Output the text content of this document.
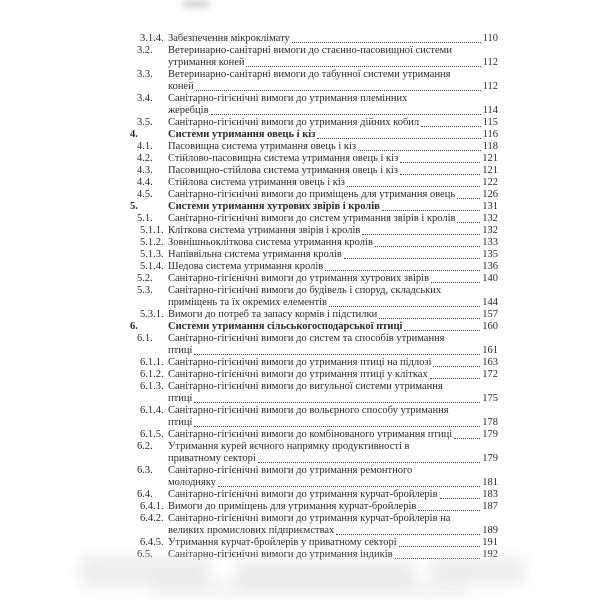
3.1.4. Забезпечення мікроклімату	110
3.2.	Ветеринарно-санітарні вимоги до стаєнно-пасовищної системи
утримання коней	112
3.3.	Ветеринарно-санітарні вимоги до табунної системи утримання
коней	112
3.4.	Санітарно-гігієнічні вимоги до утримання племінних
жеребців	114
3.5.	Санітарно-гігієнічні вимоги до утримання дійних кобил	115
4.	Системи утримання овець і кіз	116
4.1.	Пасовищна система утримання овець і кіз	118
4.2.	Стійлово-пасовищна система утримання овець і кіз	121
4.3.	Пасовищно-стійлова система утримання овець і кіз	121
4.4.	Стійлова система утримання овець і кіз	122
4.5.	Санітарно-гігієнічні вимоги до приміщень для утримання овець	126
5.	Системи утримання хутрових звірів і кролів	131
5.1.	Санітарно-гігієнічні вимоги до систем утримання звірів і кролів	132
5.1.1. Кліткова система утримання звірів і кролів	132
5.1.2. Зовнішньокліткова система утримання кролів	133
5.1.3. Напіввільна система утримання кролів	135
5.1.4. Шедова система утримання кролів	136
5.2.	Санітарно-гігієнічні вимоги до утримання хутрових звірів	140
5.3.	Санітарно-гігієнічні вимоги до будівель і споруд, складських
приміщень та їх окремих елементів	144
5.3.1. Вимоги до потреб та запасу кормів і підстилки	157
6.	Системи утримання сільськогосподарської птиці	160
6.1.	Санітарно-гігієнічні вимоги до систем та способів утримання
птиці	161
6.1.1. Санітарно-гігієнічні вимоги до утримання птиці на підлозі	163
6.1.2. Санітарно-гігієнічні вимоги до утримання птиці у клітках	172
6.1.3. Санітарно-гігієнічні вимоги до вигульної системи утримання
птиці	175
6.1.4. Санітарно-гігієнічні вимоги до вольєрного способу утримання
птиці	178
6.1.5. Санітарно-гігієнічні вимоги до комбінованого утримання птиці	179
6.2.	Утримання курей яєчного напрямку продуктивності в
приватному секторі	179
6.3.	Санітарно-гігієнічні вимоги до утримання ремонтного
молодняку	181
6.4.	Санітарно-гігієнічні вимоги до утримання курчат-бройлерів	183
6.4.1. Вимоги до приміщень для утримання курчат-бройлерів	187
6.4.2. Санітарно-гігієнічні вимоги до утримання курчат-бройлерів на
великих промислових підприємствах	189
6.4.5. Утримання курчат-бройлерів у приватному секторі	191
6.5.	Санітарно-гігієнічні вимоги до утримання індиків	192
